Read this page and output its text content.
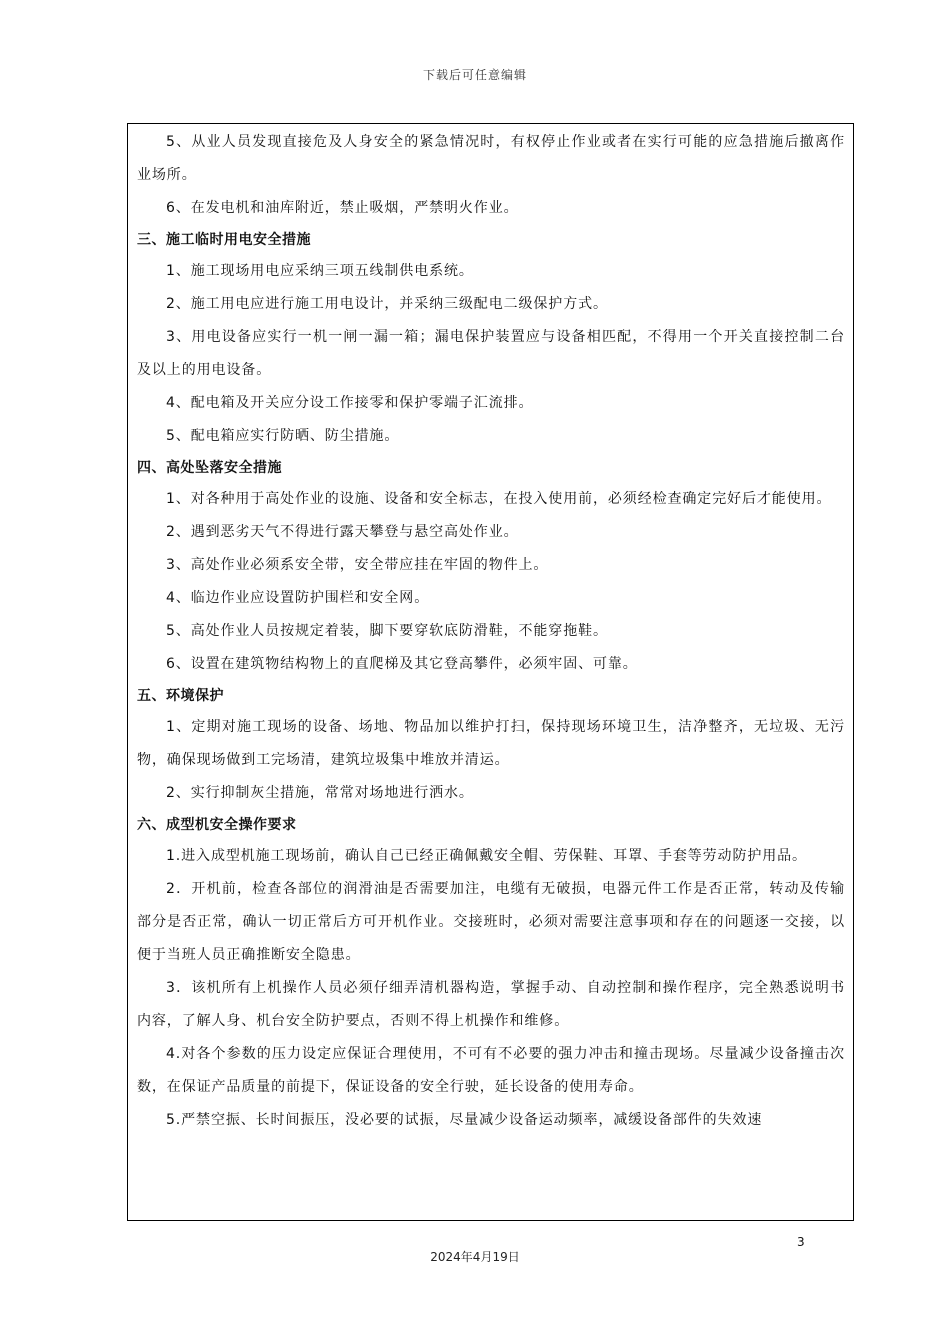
下载后可任意编辑

5、从业人员发现直接危及人身安全的紧急情况时，有权停止作业或者在实行可能的应急措施后撤离作业场所。

6、在发电机和油库附近，禁止吸烟，严禁明火作业。

三、施工临时用电安全措施

1、施工现场用电应采纳三项五线制供电系统。

2、施工用电应进行施工用电设计，并采纳三级配电二级保护方式。

3、用电设备应实行一机一闸一漏一箱；漏电保护装置应与设备相匹配，不得用一个开关直接控制二台及以上的用电设备。

4、配电箱及开关应分设工作接零和保护零端子汇流排。

5、配电箱应实行防晒、防尘措施。

四、高处坠落安全措施

1、对各种用于高处作业的设施、设备和安全标志，在投入使用前，必须经检查确定完好后才能使用。

2、遇到恶劣天气不得进行露天攀登与悬空高处作业。

3、高处作业必须系安全带，安全带应挂在牢固的物件上。

4、临边作业应设置防护围栏和安全网。

5、高处作业人员按规定着装，脚下要穿软底防滑鞋，不能穿拖鞋。

6、设置在建筑物结构物上的直爬梯及其它登高攀件，必须牢固、可靠。

五、环境保护

1、定期对施工现场的设备、场地、物品加以维护打扫，保持现场环境卫生，洁净整齐，无垃圾、无污物，确保现场做到工完场清，建筑垃圾集中堆放并清运。

2、实行抑制灰尘措施，常常对场地进行洒水。

六、成型机安全操作要求

1.进入成型机施工现场前，确认自己已经正确佩戴安全帽、劳保鞋、耳罩、手套等劳动防护用品。

2．开机前，检查各部位的润滑油是否需要加注，电缆有无破损，电器元件工作是否正常，转动及传输部分是否正常，确认一切正常后方可开机作业。交接班时，必须对需要注意事项和存在的问题逐一交接，以便于当班人员正确推断安全隐患。

3．该机所有上机操作人员必须仔细弄清机器构造，掌握手动、自动控制和操作程序，完全熟悉说明书内容，了解人身、机台安全防护要点，否则不得上机操作和维修。

4.对各个参数的压力设定应保证合理使用，不可有不必要的强力冲击和撞击现场。尽量减少设备撞击次数，在保证产品质量的前提下，保证设备的安全行驶，延长设备的使用寿命。

5.严禁空振、长时间振压，没必要的试振，尽量减少设备运动频率，减缓设备部件的失效速

3
2024年4月19日
